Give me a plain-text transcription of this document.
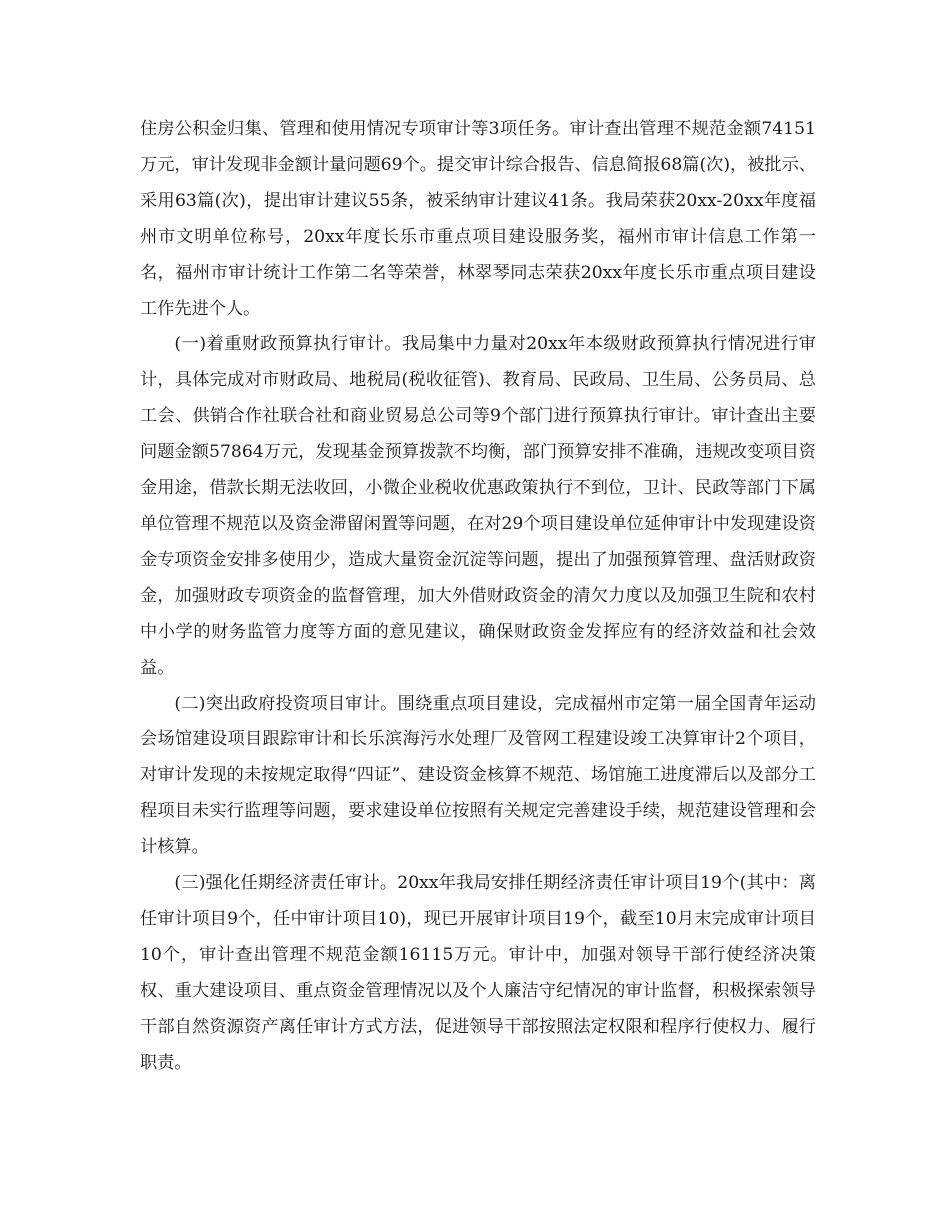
住房公积金归集、管理和使用情况专项审计等3项任务。审计查出管理不规范金额74151万元，审计发现非金额计量问题69个。提交审计综合报告、信息简报68篇(次)，被批示、采用63篇(次)，提出审计建议55条，被采纳审计建议41条。我局荣获20xx-20xx年度福州市文明单位称号，20xx年度长乐市重点项目建设服务奖，福州市审计信息工作第一名，福州市审计统计工作第二名等荣誉，林翠琴同志荣获20xx年度长乐市重点项目建设工作先进个人。

(一)着重财政预算执行审计。我局集中力量对20xx年本级财政预算执行情况进行审计，具体完成对市财政局、地税局(税收征管)、教育局、民政局、卫生局、公务员局、总工会、供销合作社联合社和商业贸易总公司等9个部门进行预算执行审计。审计查出主要问题金额57864万元，发现基金预算拨款不均衡，部门预算安排不准确，违规改变项目资金用途，借款长期无法收回，小微企业税收优惠政策执行不到位，卫计、民政等部门下属单位管理不规范以及资金滞留闲置等问题，在对29个项目建设单位延伸审计中发现建设资金专项资金安排多使用少，造成大量资金沉淀等问题，提出了加强预算管理、盘活财政资金，加强财政专项资金的监督管理，加大外借财政资金的清欠力度以及加强卫生院和农村中小学的财务监管力度等方面的意见建议，确保财政资金发挥应有的经济效益和社会效益。

(二)突出政府投资项目审计。围绕重点项目建设，完成福州市定第一届全国青年运动会场馆建设项目跟踪审计和长乐滨海污水处理厂及管网工程建设竣工决算审计2个项目，对审计发现的未按规定取得“四证”、建设资金核算不规范、场馆施工进度滞后以及部分工程项目未实行监理等问题，要求建设单位按照有关规定完善建设手续，规范建设管理和会计核算。

(三)强化任期经济责任审计。20xx年我局安排任期经济责任审计项目19个(其中：离任审计项目9个，任中审计项目10)，现已开展审计项目19个，截至10月末完成审计项目10个，审计查出管理不规范金额16115万元。审计中，加强对领导干部行使经济决策权、重大建设项目、重点资金管理情况以及个人廉洁守纪情况的审计监督，积极探索领导干部自然资源资产离任审计方式方法，促进领导干部按照法定权限和程序行使权力、履行职责。
